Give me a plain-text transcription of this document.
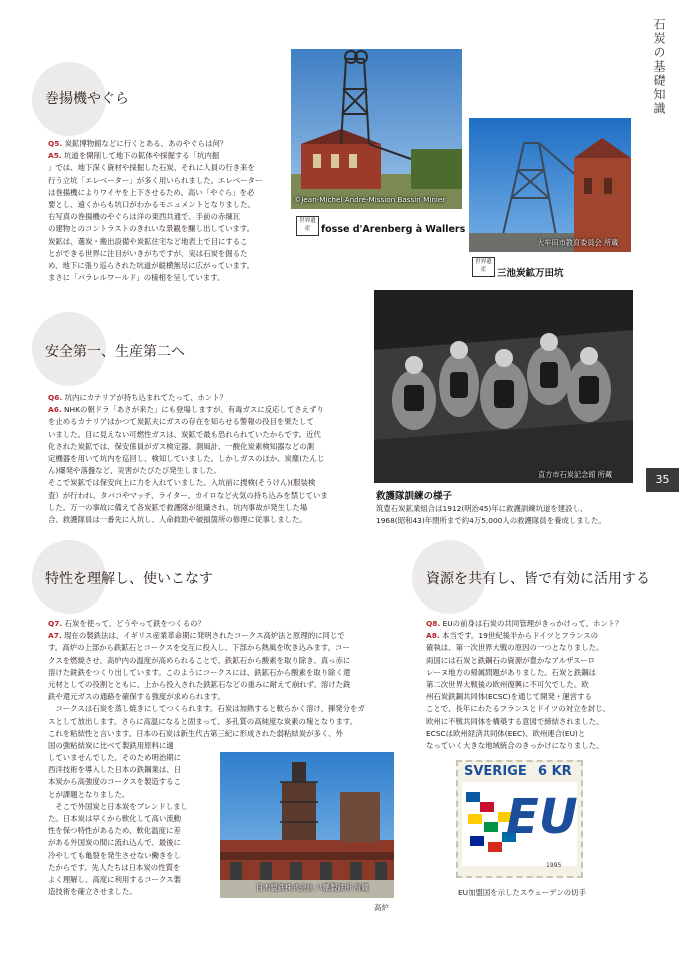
石炭の基礎知識
35
巻揚機やぐら

Q5. 炭鉱博物館などに行くとある、あのやぐらは何？

A5. 坑道を開削して地下の鉱体や採掘する「坑内掘

」では、地下深く資材や採掘した石炭、それに人員の行き来を

行う立坑「エレベーター」が多く用いられました。エレベーター

は巻揚機によりワイヤを上下させるため、高い「やぐら」を必

要とし、遠くからも坑口がわかるモニュメントとなりました。

右写真の巻揚機のやぐらは洋の東西共通で、手前の赤煉瓦

の建物とのコントラストのきれいな景観を醸し出しています。

炭鉱は、選炭・搬出設備や炭鉱住宅など地表上で目にするこ

とができる世界に注目がいきがちですが、実は石炭を掘るた

め、地下に張り巡らされた坑道が縦横無尽に広がっています。

まさに「パラレルワールド」の様相を呈しています。

©Jean-Michel André-Mission Bassin Minier
世界遺産	fosse d'Arenberg à Wallers
大牟田市教育委員会 所蔵
世界遺産	三池炭鉱万田坑
安全第一、生産第二へ

Q6. 坑内にカナリアが持ち込まれてたって、ホント？

A6. NHKの朝ドラ「あさが来た」にも登場しますが、有毒ガスに反応してさえずり

を止めるカナリアはかつて炭鉱夫にガスの存在を知らせる警報の役目を果たして

いました。目に見えない可燃性ガスは、炭鉱で最も恐れられていたからです。近代

化された炭鉱では、保安係員がガス検定器、測風計、一酸化炭素検知器などの測

定機器を用いて坑内を巡回し、検知していました。しかしガスのほか、炭塵(たんじ

ん)爆発や落盤など、災害がたびたび発生しました。

そこで炭鉱では保安向上に力を入れていました。入坑前に捜検(そうけん)(服装検

査）が行われ、タバコやマッチ、ライター、カイロなど火気の持ち込みを禁じていま

した。万一の事故に備えて各炭鉱で救護隊が組織され、坑内事故が発生した場

合、救護隊員は一番先に入坑し、人命救助や破損箇所の修理に従事しました。

直方市石炭記念館 所蔵
救護隊訓練の様子
筑豊石炭鉱業組合は1912(明治45)年に救護訓練坑道を建設し、
1968(昭和43)年閉所まで約4万5,000人の救護隊員を養成しました。
特性を理解し、使いこなす

Q7. 石炭を使って、どうやって鉄をつくるの？

A7. 現在の製鉄法は、イギリス産業革命期に発明されたコークス高炉法と原理的に同じで

す。高炉の上部から鉄鉱石とコークスを交互に投入し、下部から熱風を吹き込みます。コー

クスを燃焼させ、高炉内の温度が高められることで、鉄鉱石から酸素を取り除き、真っ赤に

溶けた銑鉄をつくり出しています。このようにコークスには、鉄鉱石から酸素を取り除く還

元材としての役割とともに、上から投入された鉄鉱石などの重みに耐えて崩れず、溶けた銑

鉄や還元ガスの通路を確保する強度が求められます。

　コークスは石炭を蒸し焼きにしてつくられます。石炭は加熱すると軟らかく溶け、揮発分をガ

スとして放出します。さらに高温になると固まって、多孔質の高純度な炭素の塊となります。

これを粘結性と言います。日本の石炭は新生代古第三紀に形成された弱粘結炭が多く、外

国の強粘結炭に比べて製鉄用原料に適

していませんでした。そのため明治期に

西洋技術を導入した日本の鉄鋼業は、日

本炭から高強度のコークスを製造するこ

とが課題となりました。

　そこで外国炭と日本炭をブレンドしまし

た。日本炭は早くから軟化して高い流動

性を保つ特性があるため、軟化温度に差

がある外国炭の間に流れ込んで、最後に

冷やしても亀裂を発生させない働きをし

たからです。先人たちは日本炭の性質を

よく理解し、高度に利用するコークス製

造技術を確立させました。	日本製鉄株式会社 八幡製鉄所 所蔵
高炉
資源を共有し、皆で有効に活用する

Q8. EUの前身は石炭の共同管理がきっかけって、ホント？

A8. 本当です。19世紀後半からドイツとフランスの

確執は、第一次世界大戦の原因の一つとなりました。

両国には石炭と鉄鋼石の資源が豊かなアルザスーロ

レーヌ地方の帰属問題がありました。石炭と鉄鋼は

第二次世界大戦後の欧州復興に不可欠でした。欧

州石炭鉄鋼共同体(ECSC)を通じて開発・運営する

ことで、長年にわたるフランスとドイツの対立を封じ、

欧州に不戦共同体を構築する意図で締結されました。

ECSCは欧州経済共同体(EEC)、欧州連合(EU)と

なっていく大きな地域統合のきっかけになりました。

SVERIGE 6 KR
EU
1995
EU加盟国を示したスウェーデンの切手
